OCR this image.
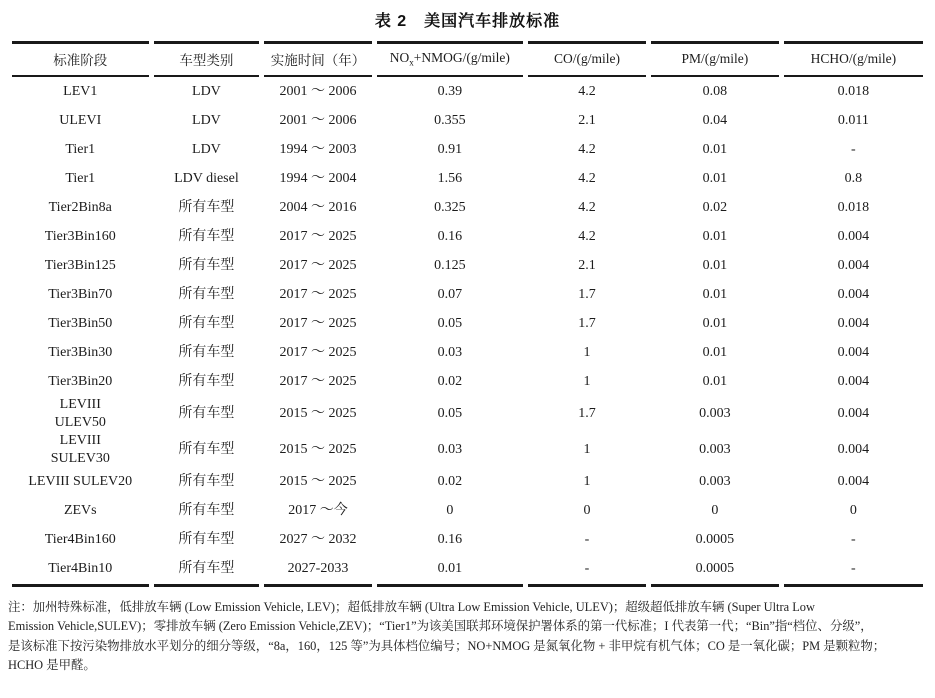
表 2　美国汽车排放标准
标准阶段	车型类别	实施时间（年）	$NO_x+NMOG/(g/mile)$	CO/(g/mile)	PM/(g/mile)	HCHO/(g/mile)
LEV1	LDV	2001 ～ 2006	0.39	4.2	0.08	0.018
ULEVI	LDV	2001 ～ 2006	0.355	2.1	0.04	0.011
Tier1	LDV	1994 ～ 2003	0.91	4.2	0.01	-
Tier1	LDV diesel	1994 ～ 2004	1.56	4.2	0.01	0.8
Tier2Bin8a	所有车型	2004 ～ 2016	0.325	4.2	0.02	0.018
Tier3Bin160	所有车型	2017 ～ 2025	0.16	4.2	0.01	0.004
Tier3Bin125	所有车型	2017 ～ 2025	0.125	2.1	0.01	0.004
Tier3Bin70	所有车型	2017 ～ 2025	0.07	1.7	0.01	0.004
Tier3Bin50	所有车型	2017 ～ 2025	0.05	1.7	0.01	0.004
Tier3Bin30	所有车型	2017 ～ 2025	0.03	1	0.01	0.004
Tier3Bin20	所有车型	2017 ～ 2025	0.02	1	0.01	0.004
LEVIII
ULEV50	所有车型	2015 ～ 2025	0.05	1.7	0.003	0.004
LEVIII
SULEV30	所有车型	2015 ～ 2025	0.03	1	0.003	0.004
LEVIII SULEV20	所有车型	2015 ～ 2025	0.02	1	0.003	0.004
ZEVs	所有车型	2017 ～今	0	0	0	0
Tier4Bin160	所有车型	2027 ～ 2032	0.16	-	0.0005	-
Tier4Bin10	所有车型	2027-2033	0.01	-	0.0005	-
注：加州特殊标准，低排放车辆 (Low Emission Vehicle, LEV)；超低排放车辆 (Ultra Low Emission Vehicle, ULEV)；超级超低排放车辆 (Super Ultra Low
Emission Vehicle,SULEV)；零排放车辆 (Zero Emission Vehicle,ZEV)；“Tier1”为该美国联邦环境保护署体系的第一代标准；I 代表第一代；“Bin”指“档位、分级”，
是该标准下按污染物排放水平划分的细分等级，“8a，160，125 等”为具体档位编号；NO+NMOG 是氮氧化物 + 非甲烷有机气体；CO 是一氧化碳；PM 是颗粒物；
HCHO 是甲醛。
